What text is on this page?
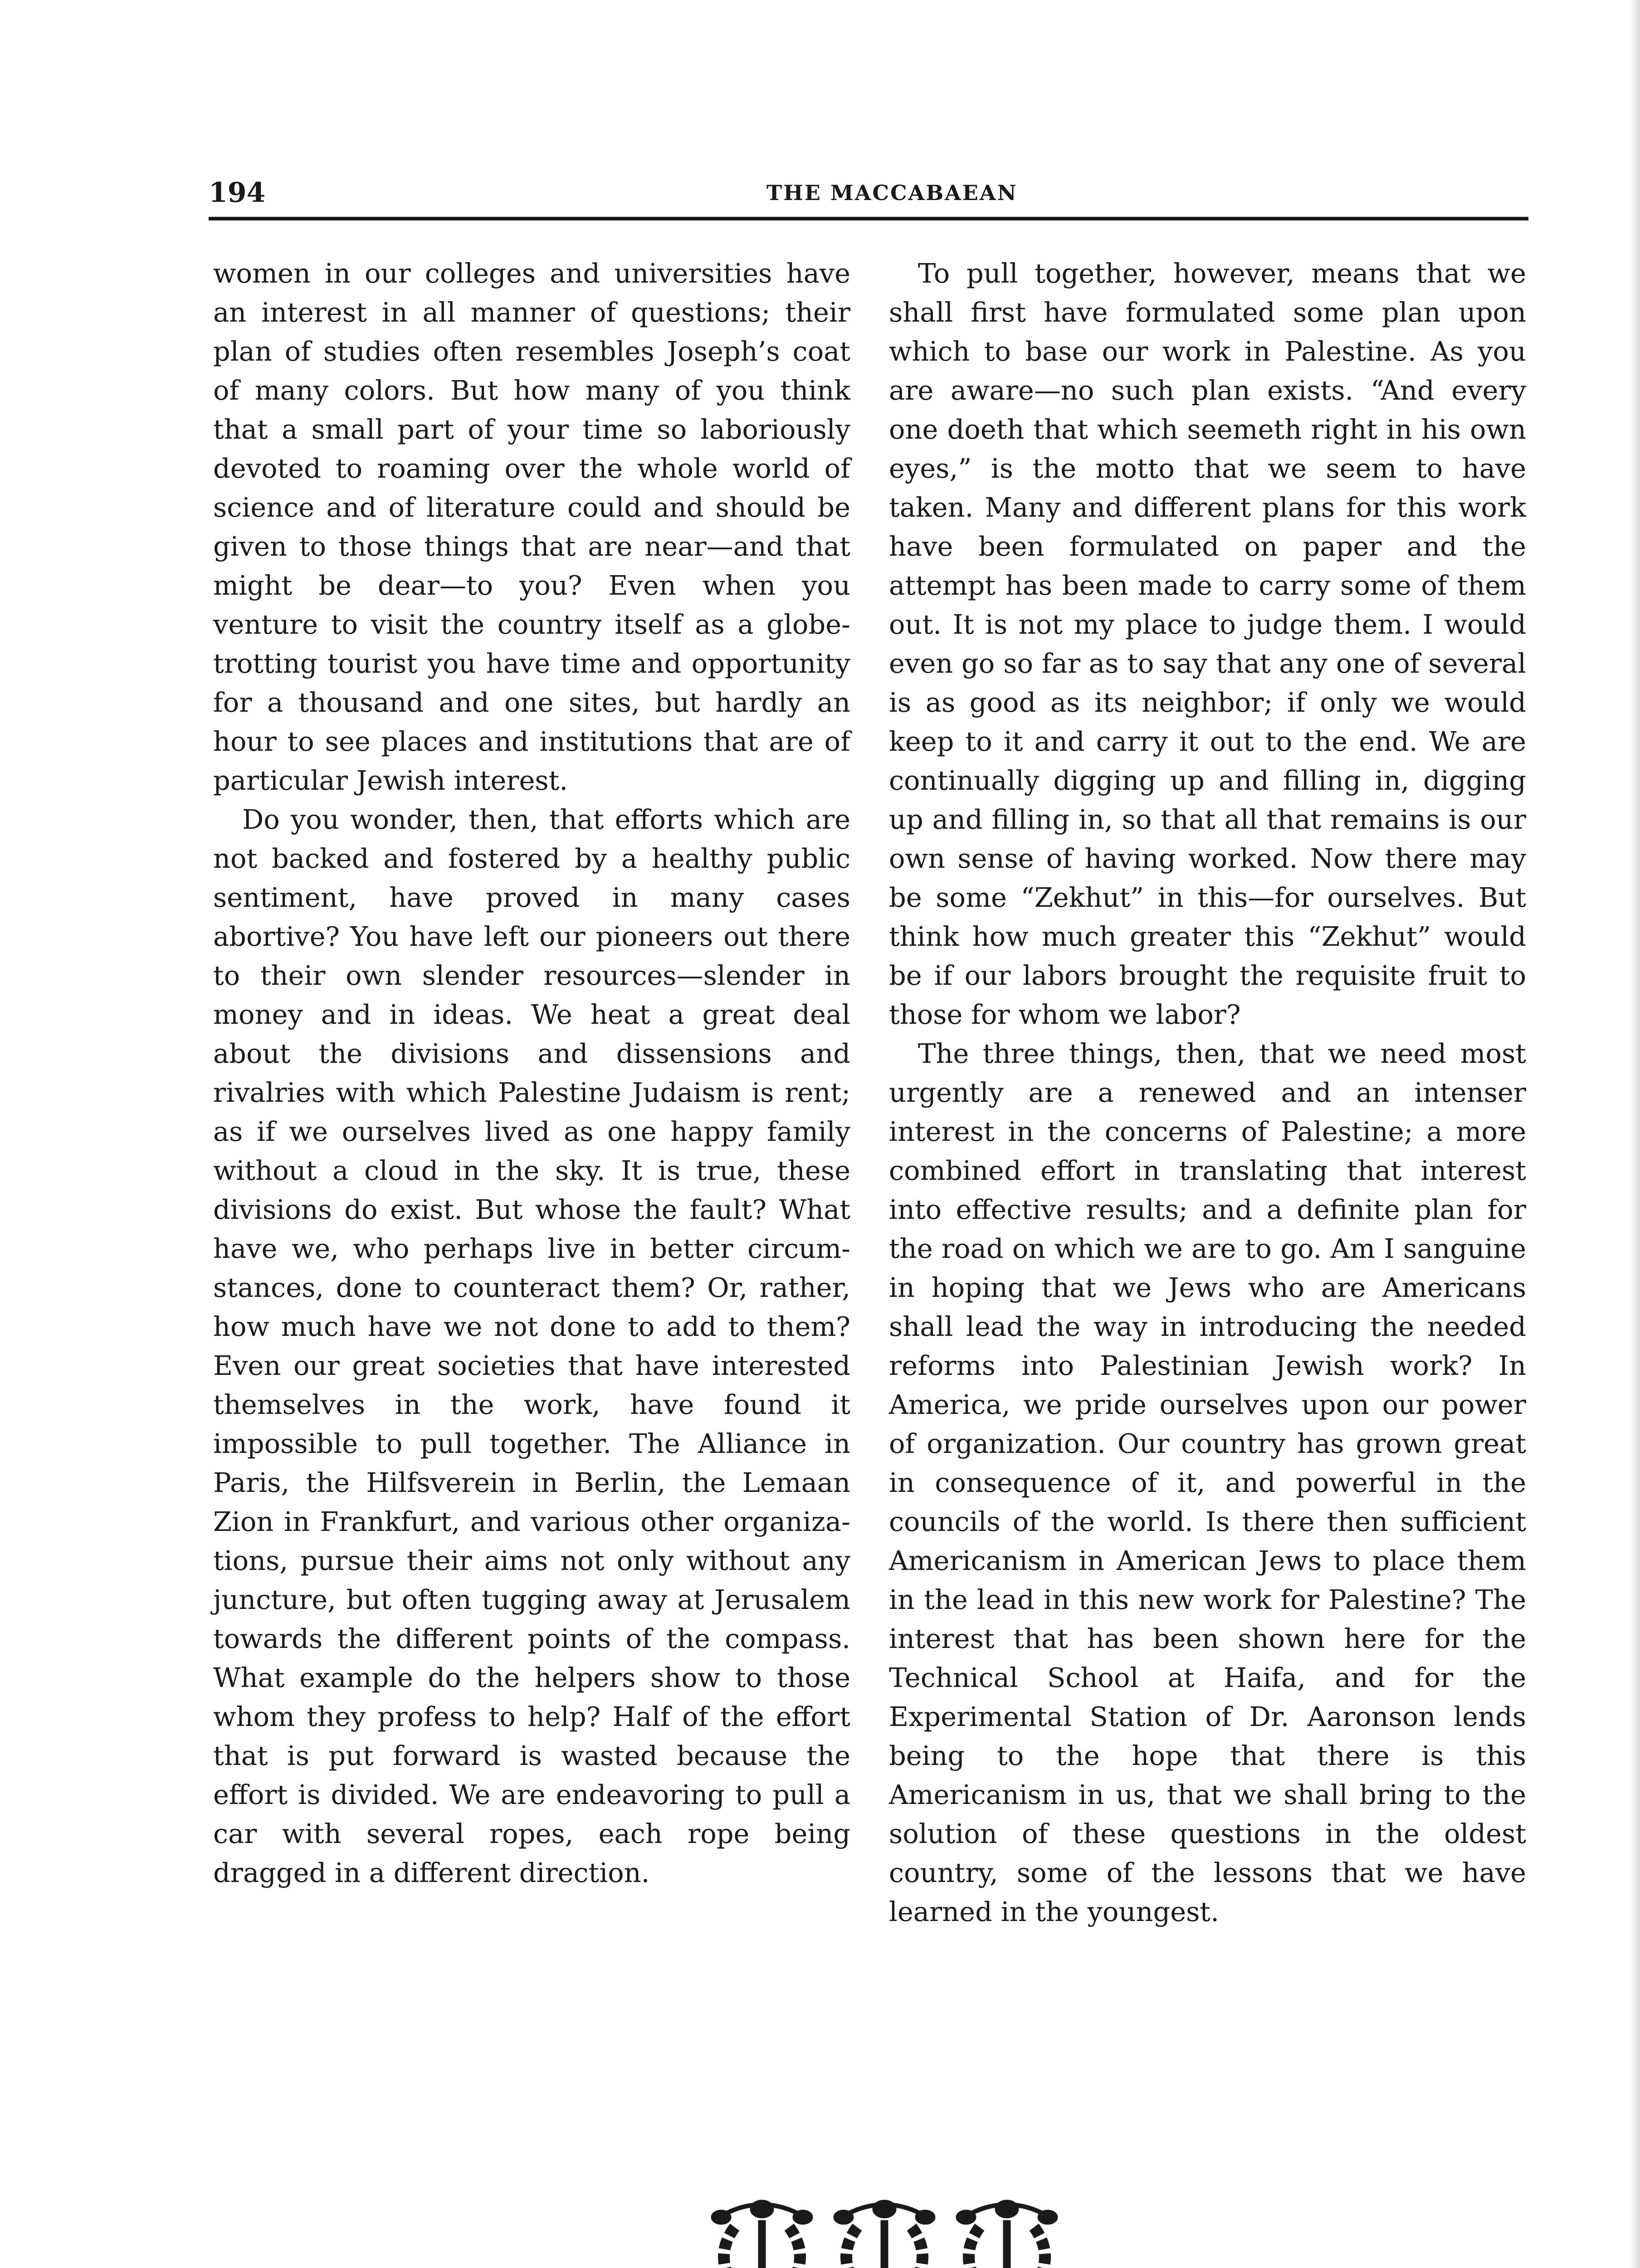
194	THE MACCABAEAN

women in our colleges and universities have an interest in all manner of questions; their plan of studies often resembles Joseph’s coat of many colors. But how many of you think that a small part of your time so laboriously devoted to roaming over the whole world of science and of literature could and should be given to those things that are near—and that might be dear—to you? Even when you venture to visit the country itself as a globe-trotting tourist you have time and opportunity for a thousand and one sites, but hardly an hour to see places and institutions that are of particular Jewish interest.

Do you wonder, then, that efforts which are not backed and fostered by a healthy public sentiment, have proved in many cases abortive? You have left our pioneers out there to their own slender resources—slender in money and in ideas. We heat a great deal about the divisions and dissensions and rivalries with which Palestine Judaism is rent; as if we ourselves lived as one happy family without a cloud in the sky. It is true, these divisions do exist. But whose the fault? What have we, who perhaps live in better circumstances, done to counteract them? Or, rather, how much have we not done to add to them? Even our great societies that have interested themselves in the work, have found it impossible to pull together. The Alliance in Paris, the Hilfsverein in Berlin, the Lemaan Zion in Frankfurt, and various other organizations, pursue their aims not only without any juncture, but often tugging away at Jerusalem towards the different points of the compass. What example do the helpers show to those whom they profess to help? Half of the effort that is put forward is wasted because the effort is divided. We are endeavoring to pull a car with several ropes, each rope being dragged in a different direction.

To pull together, however, means that we shall first have formulated some plan upon which to base our work in Palestine. As you are aware—no such plan exists. “And every one doeth that which seemeth right in his own eyes,” is the motto that we seem to have taken. Many and different plans for this work have been formulated on paper and the attempt has been made to carry some of them out. It is not my place to judge them. I would even go so far as to say that any one of several is as good as its neighbor; if only we would keep to it and carry it out to the end. We are continually digging up and filling in, digging up and filling in, so that all that remains is our own sense of having worked. Now there may be some “Zekhut” in this—for ourselves. But think how much greater this “Zekhut” would be if our labors brought the requisite fruit to those for whom we labor?

The three things, then, that we need most urgently are a renewed and an intenser interest in the concerns of Palestine; a more combined effort in translating that interest into effective results; and a definite plan for the road on which we are to go. Am I sanguine in hoping that we Jews who are Americans shall lead the way in introducing the needed reforms into Palestinian Jewish work? In America, we pride ourselves upon our power of organization. Our country has grown great in consequence of it, and powerful in the councils of the world. Is there then sufficient Americanism in American Jews to place them in the lead in this new work for Palestine? The interest that has been shown here for the Technical School at Haifa, and for the Experimental Station of Dr. Aaronson lends being to the hope that there is this Americanism in us, that we shall bring to the solution of these questions in the oldest country, some of the lessons that we have learned in the youngest.
